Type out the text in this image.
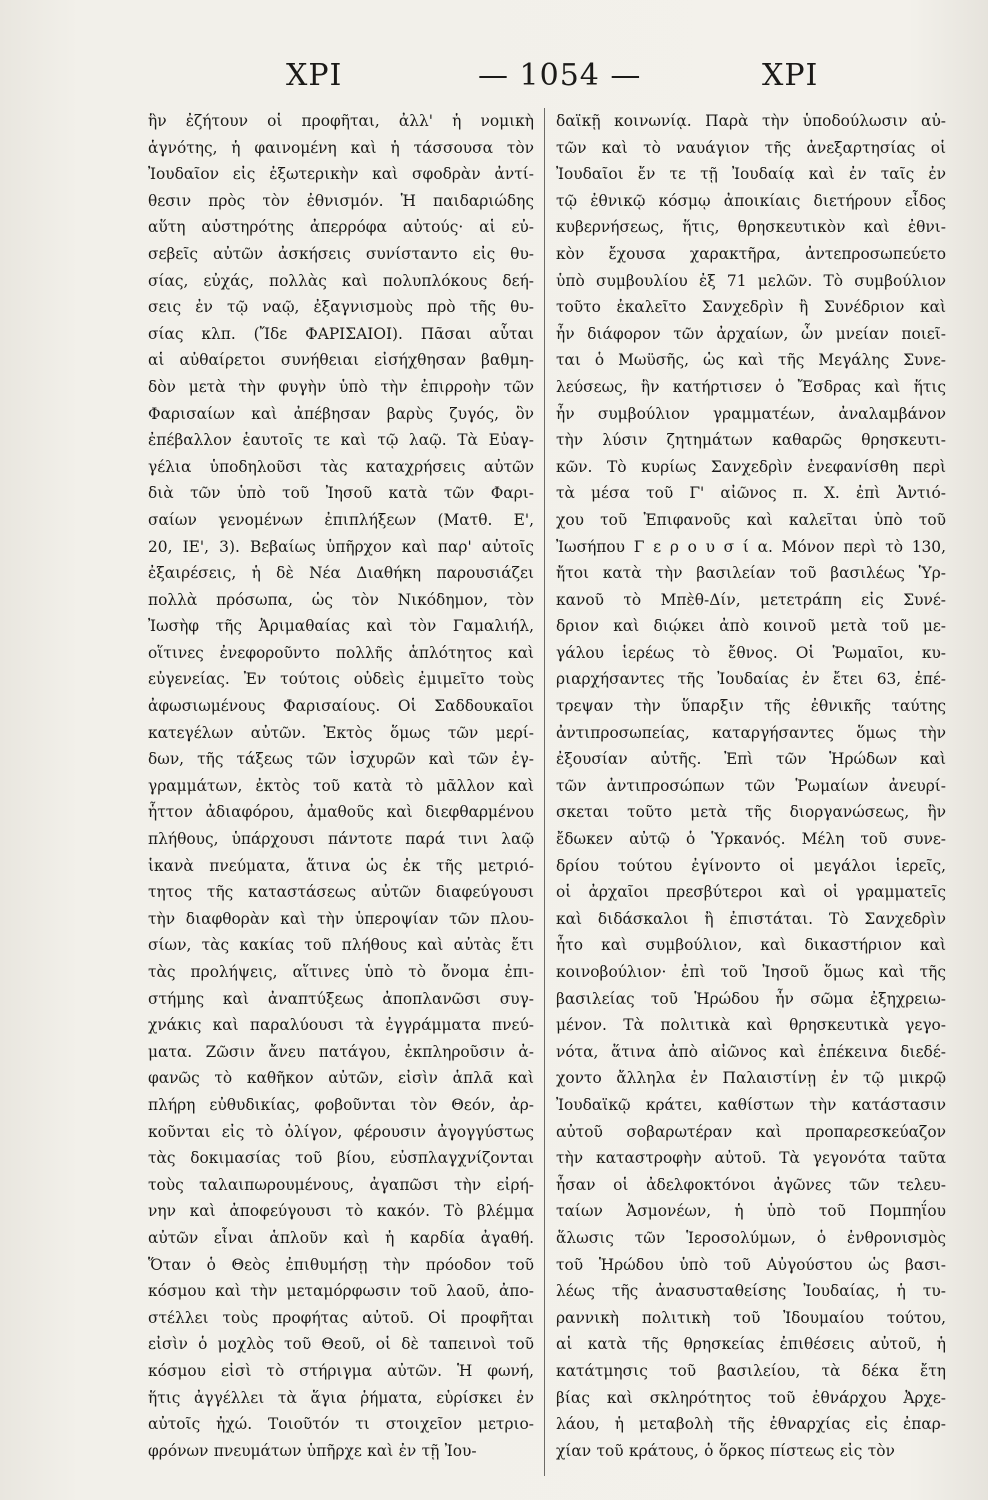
ΧΡΙ	— 1054 —	ΧΡΙ
ἣν ἐζήτουν οἱ προφῆται, ἀλλ' ἡ νομικὴ
ἁγνότης, ἡ φαινομένη καὶ ἡ τάσσουσα τὸν
Ἰουδαῖον εἰς ἐξωτερικὴν καὶ σφοδρὰν ἀντί-
θεσιν πρὸς τὸν ἐθνισμόν. Ἡ παιδαριώδης
αὕτη αὐστηρότης ἀπερρόφα αὐτούς· αἱ εὐ-
σεβεῖς αὐτῶν ἀσκήσεις συνίσταντο εἰς θυ-
σίας, εὐχάς, πολλὰς καὶ πολυπλόκους δεή-
σεις ἐν τῷ ναῷ, ἐξαγνισμοὺς πρὸ τῆς θυ-
σίας κλπ. (Ἴδε ΦΑΡΙΣΑΙΟΙ). Πᾶσαι αὗται
αἱ αὐθαίρετοι συνήθειαι εἰσήχθησαν βαθμη-
δὸν μετὰ τὴν φυγὴν ὑπὸ τὴν ἐπιρροὴν τῶν
Φαρισαίων καὶ ἀπέβησαν βαρὺς ζυγός, ὃν
ἐπέβαλλον ἑαυτοῖς τε καὶ τῷ λαῷ. Τὰ Εὐαγ-
γέλια ὑποδηλοῦσι τὰς καταχρήσεις αὐτῶν
διὰ τῶν ὑπὸ τοῦ Ἰησοῦ κατὰ τῶν Φαρι-
σαίων γενομένων ἐπιπλήξεων (Ματθ. Ε',
20, ΙΕ', 3). Βεβαίως ὑπῆρχον καὶ παρ' αὐτοῖς
ἐξαιρέσεις, ἡ δὲ Νέα Διαθήκη παρουσιάζει
πολλὰ πρόσωπα, ὡς τὸν Νικόδημον, τὸν
Ἰωσὴφ τῆς Ἀριμαθαίας καὶ τὸν Γαμαλιήλ,
οἵτινες ἐνεφοροῦντο πολλῆς ἁπλότητος καὶ
εὐγενείας. Ἐν τούτοις οὐδεὶς ἐμιμεῖτο τοὺς
ἀφωσιωμένους Φαρισαίους. Οἱ Σαδδουκαῖοι
κατεγέλων αὐτῶν. Ἐκτὸς ὅμως τῶν μερί-
δων, τῆς τάξεως τῶν ἰσχυρῶν καὶ τῶν ἐγ-
γραμμάτων, ἐκτὸς τοῦ κατὰ τὸ μᾶλλον καὶ
ἧττον ἀδιαφόρου, ἀμαθοῦς καὶ διεφθαρμένου
πλήθους, ὑπάρχουσι πάντοτε παρά τινι λαῷ
ἱκανὰ πνεύματα, ἅτινα ὡς ἐκ τῆς μετριό-
τητος τῆς καταστάσεως αὐτῶν διαφεύγουσι
τὴν διαφθορὰν καὶ τὴν ὑπεροψίαν τῶν πλου-
σίων, τὰς κακίας τοῦ πλήθους καὶ αὐτὰς ἔτι
τὰς προλήψεις, αἵτινες ὑπὸ τὸ ὄνομα ἐπι-
στήμης καὶ ἀναπτύξεως ἀποπλανῶσι συγ-
χνάκις καὶ παραλύουσι τὰ ἐγγράμματα πνεύ-
ματα. Ζῶσιν ἄνευ πατάγου, ἐκπληροῦσιν ἀ-
φανῶς τὸ καθῆκον αὐτῶν, εἰσὶν ἁπλᾶ καὶ
πλήρη εὐθυδικίας, φοβοῦνται τὸν Θεόν, ἀρ-
κοῦνται εἰς τὸ ὀλίγον, φέρουσιν ἀγογγύστως
τὰς δοκιμασίας τοῦ βίου, εὐσπλαγχνίζονται
τοὺς ταλαιπωρουμένους, ἀγαπῶσι τὴν εἰρή-
νην καὶ ἀποφεύγουσι τὸ κακόν. Τὸ βλέμμα
αὐτῶν εἶναι ἁπλοῦν καὶ ἡ καρδία ἀγαθή.
Ὅταν ὁ Θεὸς ἐπιθυμήσῃ τὴν πρόοδον τοῦ
κόσμου καὶ τὴν μεταμόρφωσιν τοῦ λαοῦ, ἀπο-
στέλλει τοὺς προφήτας αὐτοῦ. Οἱ προφῆται
εἰσὶν ὁ μοχλὸς τοῦ Θεοῦ, οἱ δὲ ταπεινοὶ τοῦ
κόσμου εἰσὶ τὸ στήριγμα αὐτῶν. Ἡ φωνή,
ἥτις ἀγγέλλει τὰ ἅγια ῥήματα, εὑρίσκει ἐν
αὐτοῖς ἠχώ. Τοιοῦτόν τι στοιχεῖον μετριο-
φρόνων πνευμάτων ὑπῆρχε καὶ ἐν τῇ Ἰου-
δαϊκῇ κοινωνίᾳ. Παρὰ τὴν ὑποδούλωσιν αὐ-
τῶν καὶ τὸ ναυάγιον τῆς ἀνεξαρτησίας οἱ
Ἰουδαῖοι ἔν τε τῇ Ἰουδαίᾳ καὶ ἐν ταῖς ἐν
τῷ ἐθνικῷ κόσμῳ ἀποικίαις διετήρουν εἶδος
κυβερνήσεως, ἥτις, θρησκευτικὸν καὶ ἐθνι-
κὸν ἔχουσα χαρακτῆρα, ἀντεπροσωπεύετο
ὑπὸ συμβουλίου ἐξ 71 μελῶν. Τὸ συμβούλιον
τοῦτο ἐκαλεῖτο Σανχεδρὶν ἢ Συνέδριον καὶ
ἦν διάφορον τῶν ἀρχαίων, ὧν μνείαν ποιεῖ-
ται ὁ Μωϋσῆς, ὡς καὶ τῆς Μεγάλης Συνε-
λεύσεως, ἣν κατήρτισεν ὁ Ἔσδρας καὶ ἥτις
ἦν συμβούλιον γραμματέων, ἀναλαμβάνον
τὴν λύσιν ζητημάτων καθαρῶς θρησκευτι-
κῶν. Τὸ κυρίως Σανχεδρὶν ἐνεφανίσθη περὶ
τὰ μέσα τοῦ Γ' αἰῶνος π. Χ. ἐπὶ Ἀντιό-
χου τοῦ Ἐπιφανοῦς καὶ καλεῖται ὑπὸ τοῦ
Ἰωσήπου Γ ε ρ ο υ σ ί α. Μόνον περὶ τὸ 130,
ἤτοι κατὰ τὴν βασιλείαν τοῦ βασιλέως Ὑρ-
κανοῦ τὸ Μπὲθ-Δίν, μετετράπη εἰς Συνέ-
δριον καὶ διῴκει ἀπὸ κοινοῦ μετὰ τοῦ με-
γάλου ἱερέως τὸ ἔθνος. Οἱ Ῥωμαῖοι, κυ-
ριαρχήσαντες τῆς Ἰουδαίας ἐν ἔτει 63, ἐπέ-
τρεψαν τὴν ὕπαρξιν τῆς ἐθνικῆς ταύτης
ἀντιπροσωπείας, καταργήσαντες ὅμως τὴν
ἐξουσίαν αὐτῆς. Ἐπὶ τῶν Ἡρώδων καὶ
τῶν ἀντιπροσώπων τῶν Ῥωμαίων ἀνευρί-
σκεται τοῦτο μετὰ τῆς διοργανώσεως, ἣν
ἔδωκεν αὐτῷ ὁ Ὑρκανός. Μέλη τοῦ συνε-
δρίου τούτου ἐγίνοντο οἱ μεγάλοι ἱερεῖς,
οἱ ἀρχαῖοι πρεσβύτεροι καὶ οἱ γραμματεῖς
καὶ διδάσκαλοι ἢ ἐπιστάται. Τὸ Σανχεδρὶν
ἦτο καὶ συμβούλιον, καὶ δικαστήριον καὶ
κοινοβούλιον· ἐπὶ τοῦ Ἰησοῦ ὅμως καὶ τῆς
βασιλείας τοῦ Ἡρώδου ἦν σῶμα ἐξηχρειω-
μένον. Τὰ πολιτικὰ καὶ θρησκευτικὰ γεγο-
νότα, ἅτινα ἀπὸ αἰῶνος καὶ ἐπέκεινα διεδέ-
χοντο ἄλληλα ἐν Παλαιστίνῃ ἐν τῷ μικρῷ
Ἰουδαϊκῷ κράτει, καθίστων τὴν κατάστασιν
αὐτοῦ σοβαρωτέραν καὶ προπαρεσκεύαζον
τὴν καταστροφὴν αὐτοῦ. Τὰ γεγονότα ταῦτα
ἦσαν οἱ ἀδελφοκτόνοι ἀγῶνες τῶν τελευ-
ταίων Ἀσμονέων, ἡ ὑπὸ τοῦ Πομπηΐου
ἅλωσις τῶν Ἱεροσολύμων, ὁ ἐνθρονισμὸς
τοῦ Ἡρώδου ὑπὸ τοῦ Αὐγούστου ὡς βασι-
λέως τῆς ἀνασυσταθείσης Ἰουδαίας, ἡ τυ-
ραννικὴ πολιτικὴ τοῦ Ἰδουμαίου τούτου,
αἱ κατὰ τῆς θρησκείας ἐπιθέσεις αὐτοῦ, ἡ
κατάτμησις τοῦ βασιλείου, τὰ δέκα ἔτη
βίας καὶ σκληρότητος τοῦ ἐθνάρχου Ἀρχε-
λάου, ἡ μεταβολὴ τῆς ἐθναρχίας εἰς ἐπαρ-
χίαν τοῦ κράτους, ὁ ὅρκος πίστεως εἰς τὸν
